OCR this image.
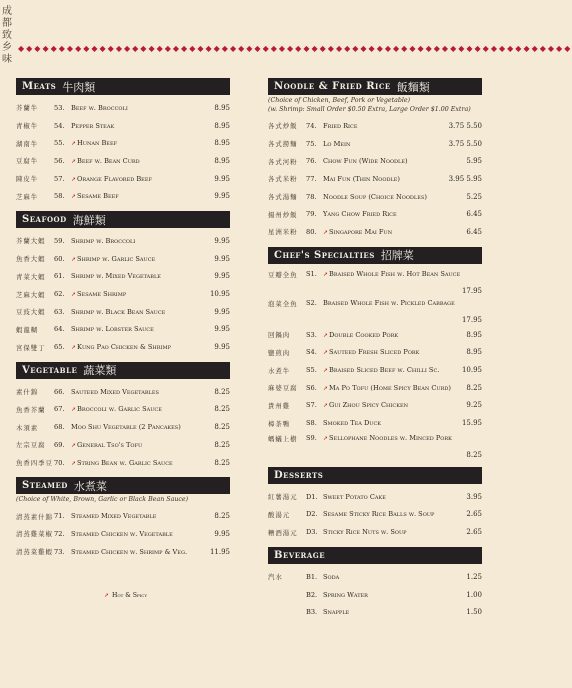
成
都
致
乡
味
◆◆◆◆◆◆◆◆◆◆◆◆◆◆◆◆◆◆◆◆◆◆◆◆◆◆◆◆◆◆◆◆◆◆◆◆◆◆◆◆◆◆◆◆◆◆◆◆◆◆◆◆◆◆◆◆◆◆◆◆◆◆◆◆◆◆◆◆
Meats 牛肉類
芥蘭牛	53. Beef w. Broccoli	8.95
青椒牛	54. Pepper Steak	8.95
湖南牛	55.	➚Hunan Beef	8.95
豆腐牛	56.	➚Beef w. Bean Curd	8.95
陳皮牛	57.	➚Orange Flavored Beef	9.95
芝麻牛	58.	➚Sesame Beef	9.95
Seafood 海鮮類
芥蘭大蝦	59. Shrimp w. Broccoli	9.95
魚香大蝦	60.	➚Shrimp w. Garlic Sauce	9.95
青菜大蝦	61. Shrimp w. Mixed Vegetable	9.95
芝麻大蝦	62.	➚Sesame Shrimp	10.95
豆豉大蝦	63. Shrimp w. Black Bean Sauce	9.95
蝦龍糊	64. Shrimp w. Lobster Sauce	9.95
宮保雙丁	65.	➚Kung Pao Chicken & Shrimp	9.95
Vegetable 蔬菜類
素什錦	66. Sauteed Mixed Vegetables	8.25
魚香芥蘭	67.	➚Broccoli w. Garlic Sauce	8.25
木須素	68. Moo Shu Vegetable (2 Pancakes)	8.25
左宗豆腐	69.	➚General Tso's Tofu	8.25
魚香四季豆 70.	➚String Bean w. Garlic Sauce	8.25
Steamed 水煮菜
(Choice of White, Brown, Garlic or Black Bean Sauce)
清蒸素什錦 71. Steamed Mixed Vegetable	8.25
清蒸雞菜椒 72. Steamed Chicken w. Vegetable	9.95
清蒸菜雞蝦 73. Steamed Chicken w. Shrimp & Veg.	11.95
Noodle & Fried Rice 飯麵類
(Choice of Chicken, Beef, Pork or Vegetable)
(w. Shrimp: Small Order $0.50 Extra, Large Order $1.00 Extra)
各式炒飯	74. Fried Rice	3.75 5.50
各式撈麵	75. Lo Mein	3.75 5.50
各式河粉	76. Chow Fun (Wide Noodle)	5.95
各式米粉	77. Mai Fun (Thin Noodle)	3.95 5.95
各式湯麵	78. Noodle Soup (Choice Noodles)	5.25
揚州炒飯	79. Yang Chow Fried Rice	6.45
星洲米粉	80.	➚Singapore Mai Fun	6.45
Chef's Specialties 招牌菜
豆瓣全魚	S1.	➚Braised Whole Fish w. Hot Bean Sauce
17.95
泡菜全魚	S2. Braised Whole Fish w. Pickled Cabbage
17.95
回鍋肉	S3.	➚Double Cooked Pork	8.95
鹽煎肉	S4.	➚Sauteed Fresh Sliced Pork	8.95
水煮牛	S5.	➚Braised Sliced Beef w. Chilli Sc.	10.95
麻婆豆腐	S6.	➚Ma Po Tofu (Home Spicy Bean Curd)	8.25
貴州雞	S7.	➚Gui Zhou Spicy Chicken	9.25
樟茶鴨	S8. Smoked Tea Duck	15.95
螞蟻上樹	S9.	➚Sellophane Noodles w. Minced Pork
8.25
Desserts
紅薯湯元	D1. Sweet Potato Cake	3.95
酸湯元	D2. Sesame Sticky Rice Balls w. Soup	2.65
糟酒湯元	D3. Sticky Rice Nuts w. Soup	2.65
Beverage
汽水	B1. Soda	1.25
B2. Spring Water	1.00
B3. Snapple	1.50
➚ Hot & Spicy
